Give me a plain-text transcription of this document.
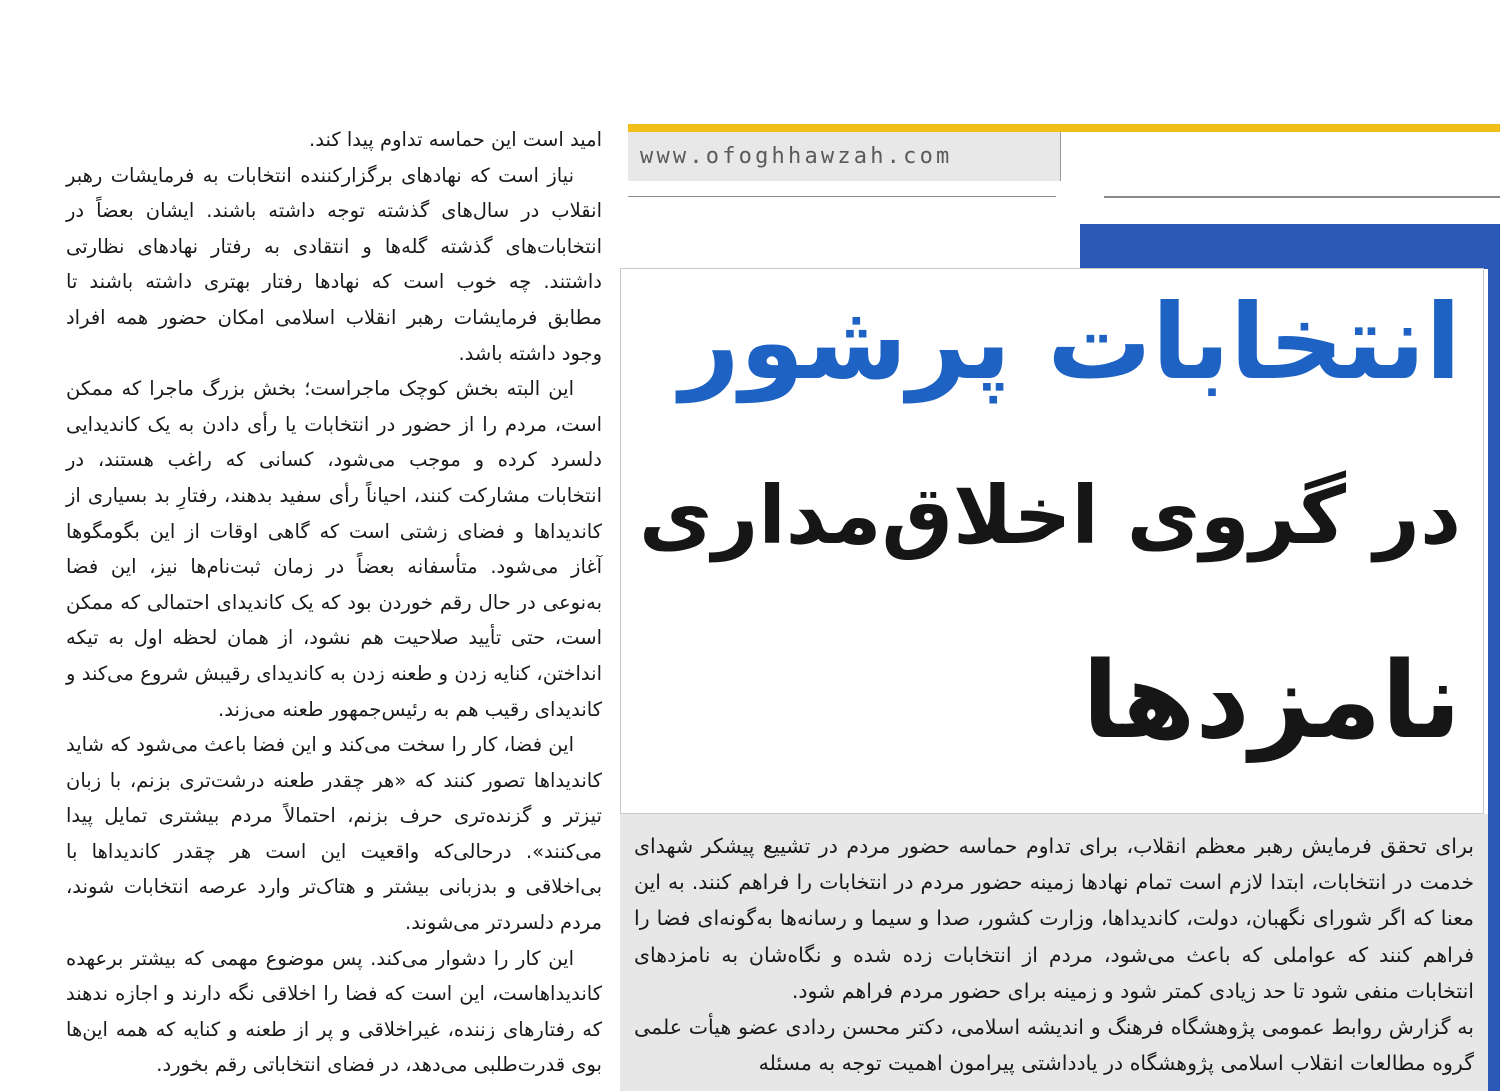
امید است این حماسه تداوم پیدا کند.

نیاز است که نهادهای برگزارکننده انتخابات به فرمایشات رهبر انقلاب در سال‌های گذشته توجه داشته باشند. ایشان بعضاً در انتخابات‌های گذشته گله‌ها و انتقادی به رفتار نهادهای نظارتی داشتند. چه خوب است که نهادها رفتار بهتری داشته باشند تا مطابق فرمایشات رهبر انقلاب اسلامی امکان حضور همه افراد وجود داشته باشد.

این البته بخش کوچک ماجراست؛ بخش بزرگ ماجرا که ممکن است، مردم را از حضور در انتخابات یا رأی دادن به یک کاندیدایی دلسرد کرده و موجب می‌شود، کسانی که راغب هستند، در انتخابات مشارکت کنند، احیاناً رأی سفید بدهند، رفتارِ بد بسیاری از کاندیداها و فضای زشتی است که گاهی اوقات از این بگومگوها آغاز می‌شود. متأسفانه بعضاً در زمان ثبت‌نام‌ها نیز، این فضا به‌نوعی در حال رقم خوردن بود که یک کاندیدای احتمالی که ممکن است، حتی تأیید صلاحیت هم نشود، از همان لحظه اول به تیکه انداختن، کنایه زدن و طعنه زدن به کاندیدای رقیبش شروع می‌کند و کاندیدای رقیب هم به رئیس‌جمهور طعنه می‌زند.

این فضا، کار را سخت می‌کند و این فضا باعث می‌شود که شاید کاندیداها تصور کنند که «هر چقدر طعنه درشت‌تری بزنم، با زبان تیزتر و گزنده‌تری حرف بزنم، احتمالاً مردم بیشتری تمایل پیدا می‌کنند». درحالی‌که واقعیت این است هر چقدر کاندیداها با بی‌اخلاقی و بدزبانی بیشتر و هتاک‌تر وارد عرصه انتخابات شوند، مردم دلسردتر می‌شوند.

این کار را دشوار می‌کند. پس موضوع مهمی که بیشتر برعهده کاندیداهاست، این است که فضا را اخلاقی نگه دارند و اجازه ندهند که رفتارهای زننده، غیراخلاقی و پر از طعنه و کنایه که همه این‌ها بوی قدرت‌طلبی می‌دهد، در فضای انتخاباتی رقم بخورد.

www.ofoghhawzah.com
انتخابات پرشور
در گروی اخلاق‌مداری
نامزدها

برای تحقق فرمایش رهبر معظم انقلاب، برای تداوم حماسه حضور مردم در تشییع پیشکر شهدای خدمت در انتخابات، ابتدا لازم است تمام نهادها زمینه حضور مردم در انتخابات را فراهم کنند. به این معنا که اگر شورای نگهبان، دولت، کاندیداها، وزارت کشور، صدا و سیما و رسانه‌ها به‌گونه‌ای فضا را فراهم کنند که عواملی که باعث می‌شود، مردم از انتخابات زده شده و نگاه‌شان به نامزدهای انتخابات منفی شود تا حد زیادی کمتر شود و زمینه برای حضور مردم فراهم شود.

به گزارش روابط عمومی پژوهشگاه فرهنگ و اندیشه اسلامی، دکتر محسن ردادی عضو هیأت علمی گروه مطالعات انقلاب اسلامی پژوهشگاه در یادداشتی پیرامون اهمیت توجه به مسئله
